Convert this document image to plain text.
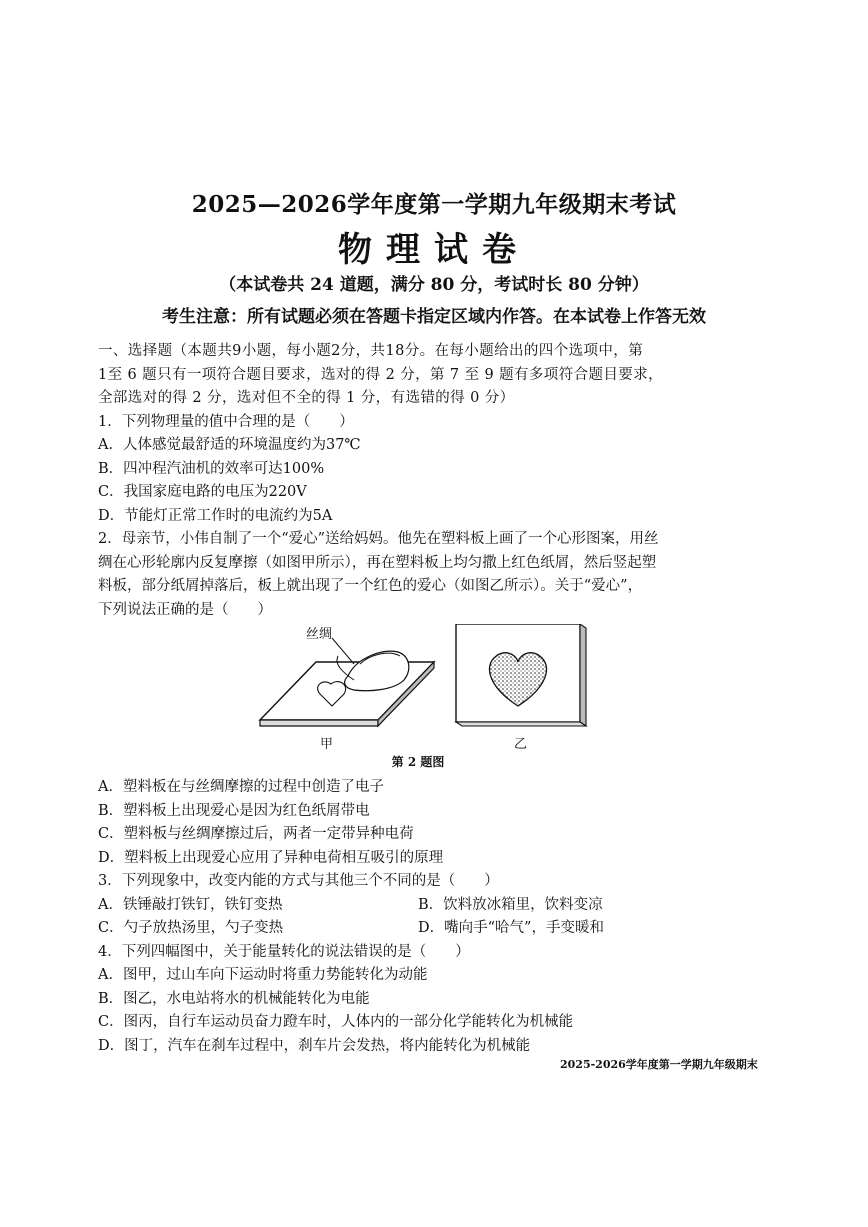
2025—2026学年度第一学期九年级期末考试
物理试卷
（本试卷共 24 道题，满分 80 分，考试时长 80 分钟）
考生注意：所有试题必须在答题卡指定区域内作答。在本试卷上作答无效
一、选择题（本题共9小题，每小题2分，共18分。在每小题给出的四个选项中，第
1至 6 题只有一项符合题目要求，选对的得 2 分，第 7 至 9 题有多项符合题目要求，
全部选对的得 2 分，选对但不全的得 1 分，有选错的得 0 分）
1．下列物理量的值中合理的是（　　）
A．人体感觉最舒适的环境温度约为37℃
B．四冲程汽油机的效率可达100%
C．我国家庭电路的电压为220V
D．节能灯正常工作时的电流约为5A
2．母亲节，小伟自制了一个“爱心”送给妈妈。他先在塑料板上画了一个心形图案，用丝
绸在心形轮廓内反复摩擦（如图甲所示），再在塑料板上均匀撒上红色纸屑，然后竖起塑
料板，部分纸屑掉落后，板上就出现了一个红色的爱心（如图乙所示）。关于“爱心”，
下列说法正确的是（　　）
丝绸
甲	乙
第 2 题图
A．塑料板在与丝绸摩擦的过程中创造了电子
B．塑料板上出现爱心是因为红色纸屑带电
C．塑料板与丝绸摩擦过后，两者一定带异种电荷
D．塑料板上出现爱心应用了异种电荷相互吸引的原理
3．下列现象中，改变内能的方式与其他三个不同的是（　　）
A．铁锤敲打铁钉，铁钉变热	B．饮料放冰箱里，饮料变凉
C．勺子放热汤里，勺子变热	D．嘴向手“哈气”，手变暖和
4．下列四幅图中，关于能量转化的说法错误的是（　　）
A．图甲，过山车向下运动时将重力势能转化为动能
B．图乙，水电站将水的机械能转化为电能
C．图丙，自行车运动员奋力蹬车时，人体内的一部分化学能转化为机械能
D．图丁，汽车在刹车过程中，刹车片会发热，将内能转化为机械能
2025-2026学年度第一学期九年级期末
